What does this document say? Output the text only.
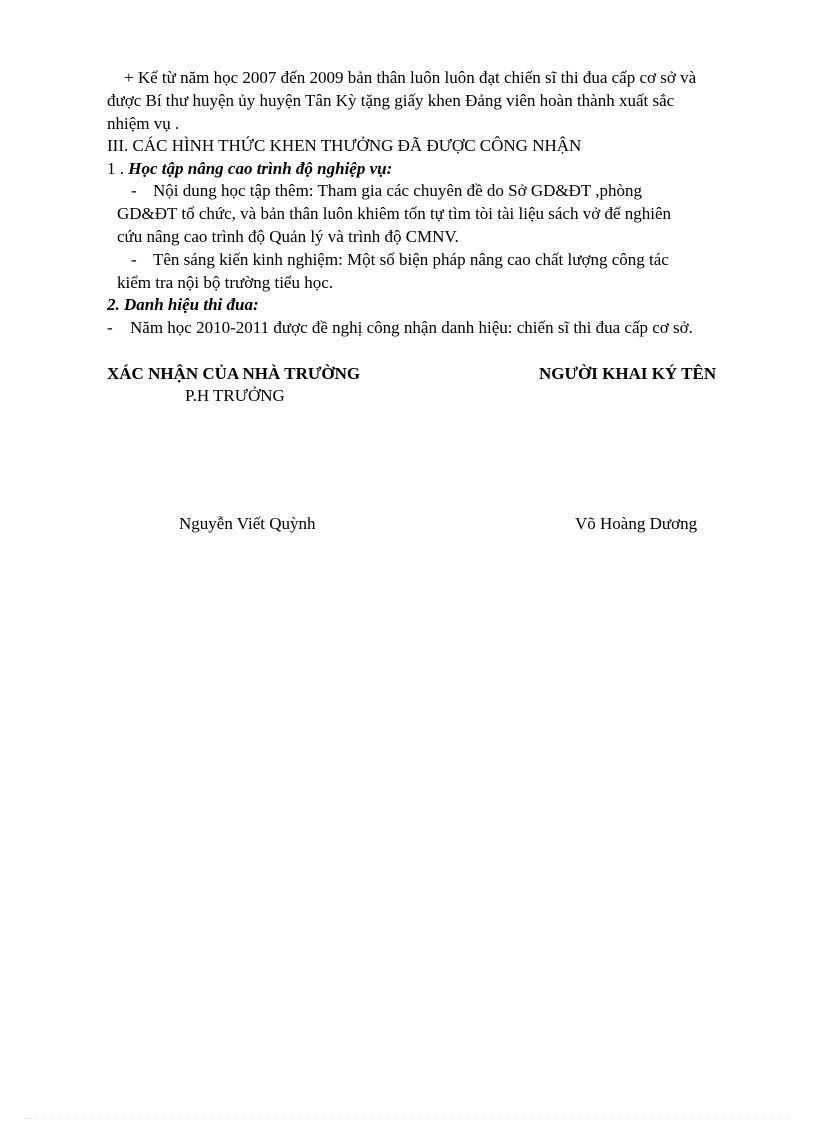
+ Kể từ năm học 2007 đến 2009 bản thân luôn luôn đạt chiến sĩ thi đua cấp cơ sở và
được Bí thư huyện ủy huyện Tân Kỳ tặng giấy khen Đảng viên hoàn thành xuất sắc
nhiệm vụ .
III. CÁC HÌNH THỨC KHEN THƯỞNG ĐÃ ĐƯỢC CÔNG NHẬN
1 . Học tập nâng cao trình độ nghiệp vụ:
- Nội dung học tập thêm: Tham gia các chuyên đề do Sở GD&ĐT ,phòng
GD&ĐT tổ chức, và bản thân luôn khiêm tốn tự tìm tòi tài liệu sách vở để nghiên
cứu nâng cao trình độ Quản lý và trình độ CMNV.
- Tên sáng kiến kinh nghiệm: Một số biện pháp nâng cao chất lượng công tác
kiểm tra nội bộ trường tiểu học.
2. Danh hiệu thi đua:
- Năm học 2010-2011 được đề nghị công nhận danh hiệu: chiến sĩ thi đua cấp cơ sở.
XÁC NHẬN CỦA NHÀ TRƯỜNG
P.H TRƯỞNG
NGƯỜI KHAI KÝ TÊN
Nguyễn Viết Quỳnh	Võ Hoàng Dương
